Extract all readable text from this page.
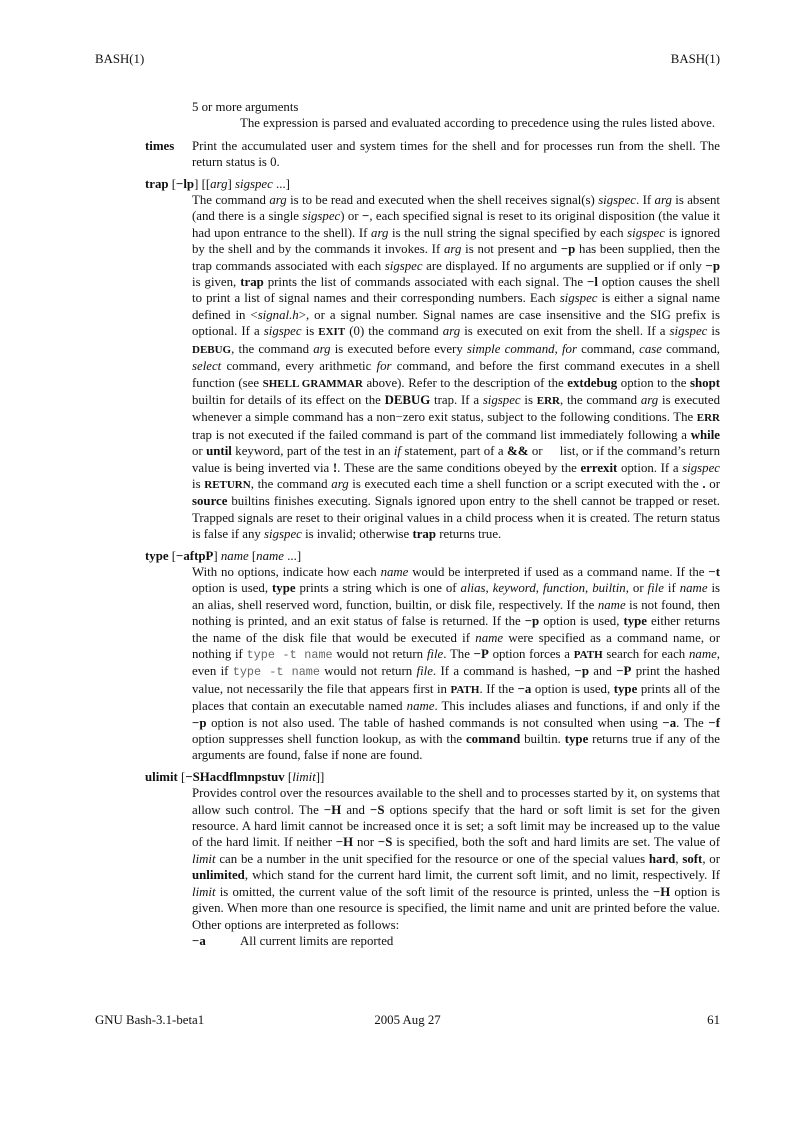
BASH(1)	BASH(1)
5 or more arguments
The expression is parsed and evaluated according to precedence using the rules listed above.
times Print the accumulated user and system times for the shell and for processes run from the shell. The return status is 0.
trap [−lp] [[arg] sigspec ...]
The command arg is to be read and executed when the shell receives signal(s) sigspec. If arg is absent (and there is a single sigspec) or −, each specified signal is reset to its original disposition (the value it had upon entrance to the shell). If arg is the null string the signal specified by each sigspec is ignored by the shell and by the commands it invokes. If arg is not present and −p has been supplied, then the trap commands associated with each sigspec are displayed. If no arguments are supplied or if only −p is given, trap prints the list of commands associated with each signal. The −l option causes the shell to print a list of signal names and their corresponding numbers. Each sigspec is either a signal name defined in <signal.h>, or a signal number. Signal names are case insensitive and the SIG prefix is optional. If a sigspec is EXIT (0) the command arg is executed on exit from the shell. If a sigspec is DEBUG, the command arg is executed before every simple command, for command, case command, select command, every arithmetic for command, and before the first command executes in a shell function (see SHELL GRAMMAR above). Refer to the description of the extdebug option to the shopt builtin for details of its effect on the DEBUG trap. If a sigspec is ERR, the command arg is executed whenever a simple command has a non−zero exit status, subject to the following conditions. The ERR trap is not executed if the failed command is part of the command list immediately following a while or until keyword, part of the test in an if statement, part of a && or     list, or if the command’s return value is being inverted via !. These are the same conditions obeyed by the errexit option. If a sigspec is RETURN, the command arg is executed each time a shell function or a script executed with the . or source builtins finishes executing. Signals ignored upon entry to the shell cannot be trapped or reset. Trapped signals are reset to their original values in a child process when it is created. The return status is false if any sigspec is invalid; otherwise trap returns true.
type [−aftpP] name [name ...]
With no options, indicate how each name would be interpreted if used as a command name. If the −t option is used, type prints a string which is one of alias, keyword, function, builtin, or file if name is an alias, shell reserved word, function, builtin, or disk file, respectively. If the name is not found, then nothing is printed, and an exit status of false is returned. If the −p option is used, type either returns the name of the disk file that would be executed if name were specified as a command name, or nothing if type -t name would not return file. The −P option forces a PATH search for each name, even if type -t name would not return file. If a command is hashed, −p and −P print the hashed value, not necessarily the file that appears first in PATH. If the −a option is used, type prints all of the places that contain an executable named name. This includes aliases and functions, if and only if the −p option is not also used. The table of hashed commands is not consulted when using −a. The −f option suppresses shell function lookup, as with the command builtin. type returns true if any of the arguments are found, false if none are found.
ulimit [−SHacdflmnpstuv [limit]]
Provides control over the resources available to the shell and to processes started by it, on systems that allow such control. The −H and −S options specify that the hard or soft limit is set for the given resource. A hard limit cannot be increased once it is set; a soft limit may be increased up to the value of the hard limit. If neither −H nor −S is specified, both the soft and hard limits are set. The value of limit can be a number in the unit specified for the resource or one of the special values hard, soft, or unlimited, which stand for the current hard limit, the current soft limit, and no limit, respectively. If limit is omitted, the current value of the soft limit of the resource is printed, unless the −H option is given. When more than one resource is specified, the limit name and unit are printed before the value. Other options are interpreted as follows:
−a	All current limits are reported
GNU Bash-3.1-beta1	2005 Aug 27	61
